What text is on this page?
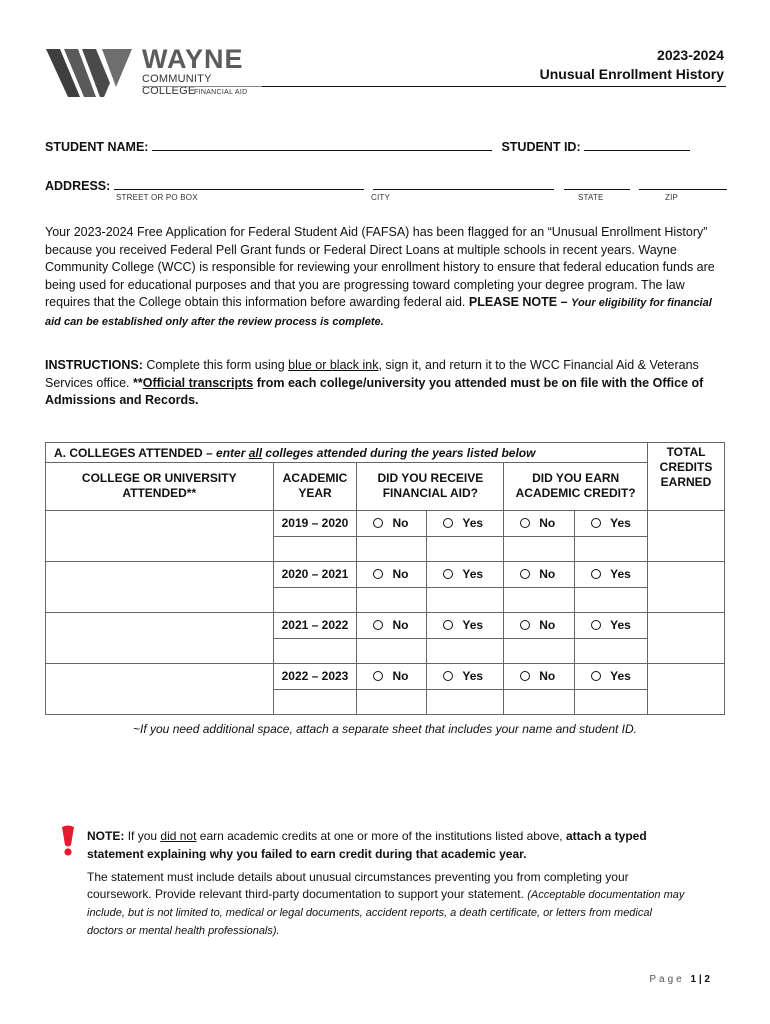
WAYNE
COMMUNITY COLLEGE
FINANCIAL AID
2023-2024
Unusual Enrollment History
STUDENT NAME:	STUDENT ID:
ADDRESS:
STREET OR PO BOX	CITY	STATE	ZIP
Your 2023-2024 Free Application for Federal Student Aid (FAFSA) has been flagged for an “Unusual Enrollment History” because you received Federal Pell Grant funds or Federal Direct Loans at multiple schools in recent years. Wayne Community College (WCC) is responsible for reviewing your enrollment history to ensure that federal education funds are being used for educational purposes and that you are progressing toward completing your degree program. The law requires that the College obtain this information before awarding federal aid. PLEASE NOTE – Your eligibility for financial aid can be established only after the review process is complete.
INSTRUCTIONS: Complete this form using blue or black ink, sign it, and return it to the WCC Financial Aid & Veterans Services office. **Official transcripts from each college/university you attended must be on file with the Office of Admissions and Records.
A. COLLEGES ATTENDED – enter all colleges attended during the years listed below						TOTAL CREDITS EARNED
COLLEGE OR UNIVERSITY ATTENDED**	ACADEMIC YEAR	DID YOU RECEIVE FINANCIAL AID?		DID YOU EARN ACADEMIC CREDIT?		
	2019 – 2020	No	Yes	No	Yes	

	2020 – 2021	No	Yes	No	Yes	

	2021 – 2022	No	Yes	No	Yes	

	2022 – 2023	No	Yes	No	Yes	

~If you need additional space, attach a separate sheet that includes your name and student ID.
NOTE: If you did not earn academic credits at one or more of the institutions listed above, attach a typed statement explaining why you failed to earn credit during that academic year.
The statement must include details about unusual circumstances preventing you from completing your coursework. Provide relevant third-party documentation to support your statement. (Acceptable documentation may include, but is not limited to, medical or legal documents, accident reports, a death certificate, or letters from medical doctors or mental health professionals).
Page 1 | 2
